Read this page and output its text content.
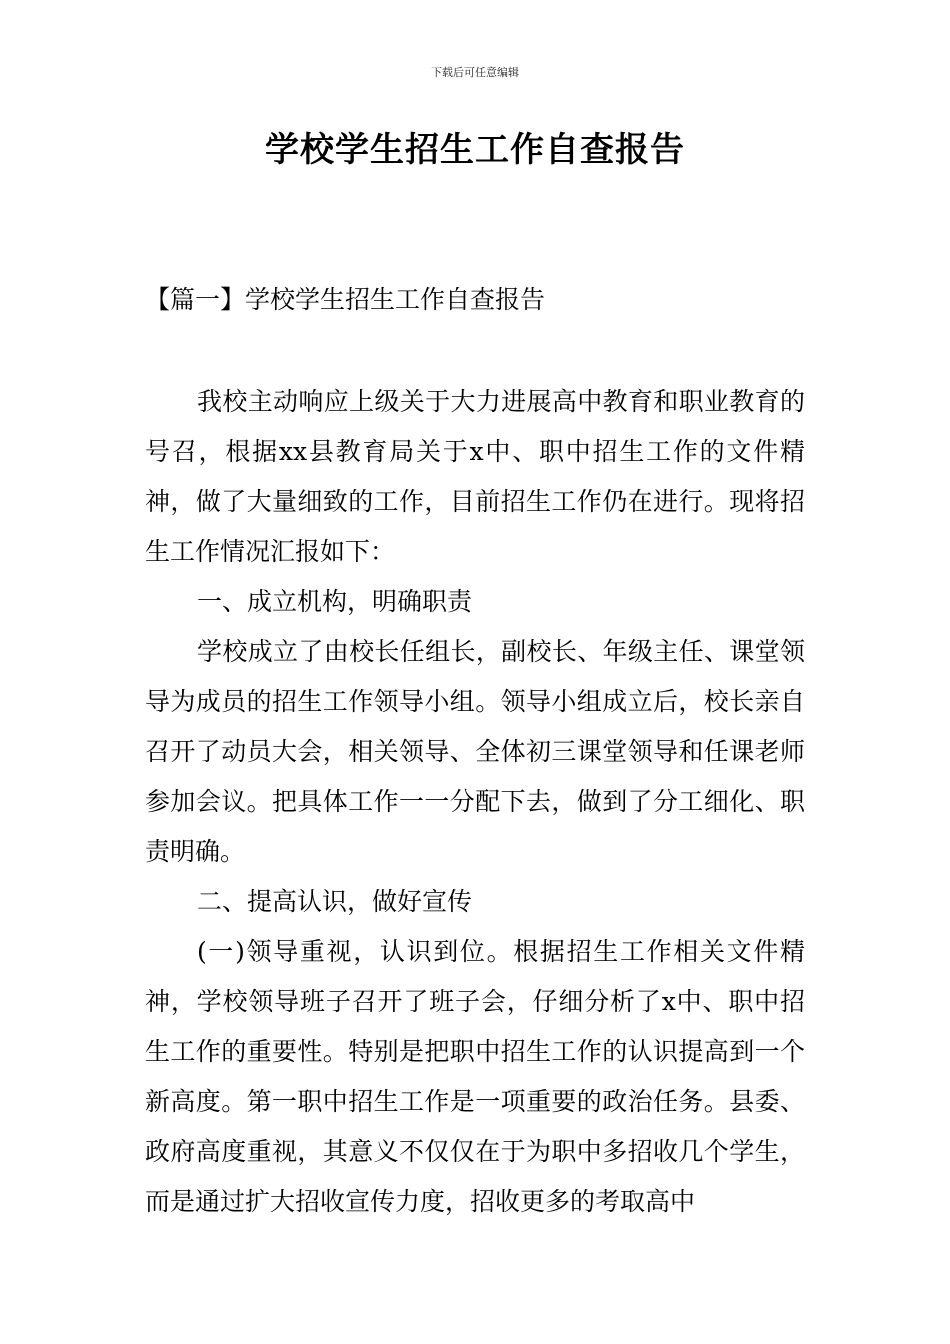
下载后可任意编辑
学校学生招生工作自查报告
【篇一】学校学生招生工作自查报告

我校主动响应上级关于大力进展高中教育和职业教育的号召，根据xx县教育局关于x中、职中招生工作的文件精神，做了大量细致的工作，目前招生工作仍在进行。现将招生工作情况汇报如下：

一、成立机构，明确职责

学校成立了由校长任组长，副校长、年级主任、课堂领导为成员的招生工作领导小组。领导小组成立后，校长亲自召开了动员大会，相关领导、全体初三课堂领导和任课老师参加会议。把具体工作一一分配下去，做到了分工细化、职责明确。

二、提高认识，做好宣传

(一)领导重视，认识到位。根据招生工作相关文件精神，学校领导班子召开了班子会，仔细分析了x中、职中招生工作的重要性。特别是把职中招生工作的认识提高到一个新高度。第一职中招生工作是一项重要的政治任务。县委、政府高度重视，其意义不仅仅在于为职中多招收几个学生，而是通过扩大招收宣传力度，招收更多的考取高中
